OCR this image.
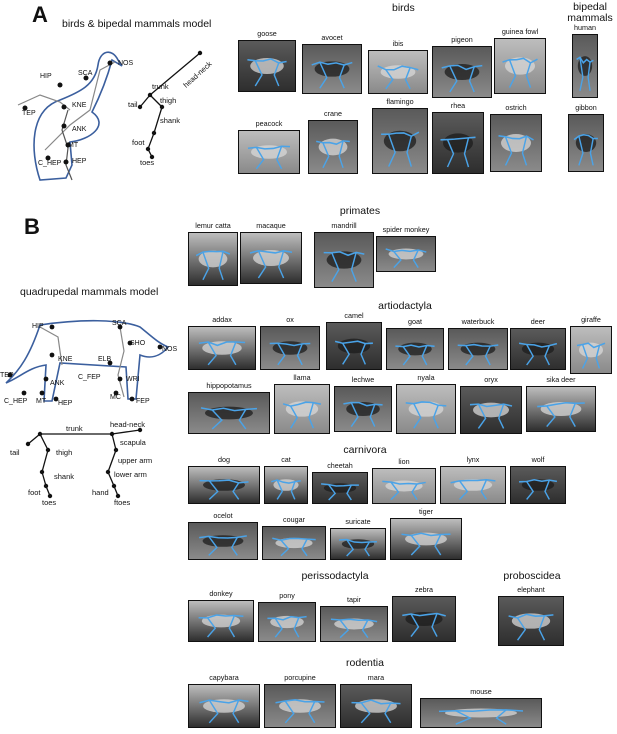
A birds & bipedal mammals model
birds	bipedal
mammals
HIP	SCA
NOS
KNE
TEP
ANK
MT
C_HEP HEP
trunk head-neck
tail	thigh
shank
foot
toes
goose	avocet
ibis	pigeon
guinea fowl
peacock
crane
flamingo	rhea	ostrich
human
gibbon
B
quadrupedal mammals model
HIP	SCA
SHO
NOS
KNE	ELB
TEP
ANK
C_FEP	WRI
C_HEP MT HEP
MC
FEP
trunk	head-neck
scapula
tail	thigh
upper arm
shank	lower arm
foot	hand
toes	ftoes
primates
artiodactyla
carnivora
perissodactyla	proboscidea
rodentia
lemur catta	macaque	mandrill	spider monkey
addax	ox	camel
goat	waterbuck	deer	giraffe
hippopotamus
llama	lechwe	nyala	oryx	sika deer
dog	cat
cheetah	lion	lynx	wolf
ocelot	cougar	suricate
tiger
donkey	pony	tapir
zebra	elephant
capybara	porcupine	mara
mouse
